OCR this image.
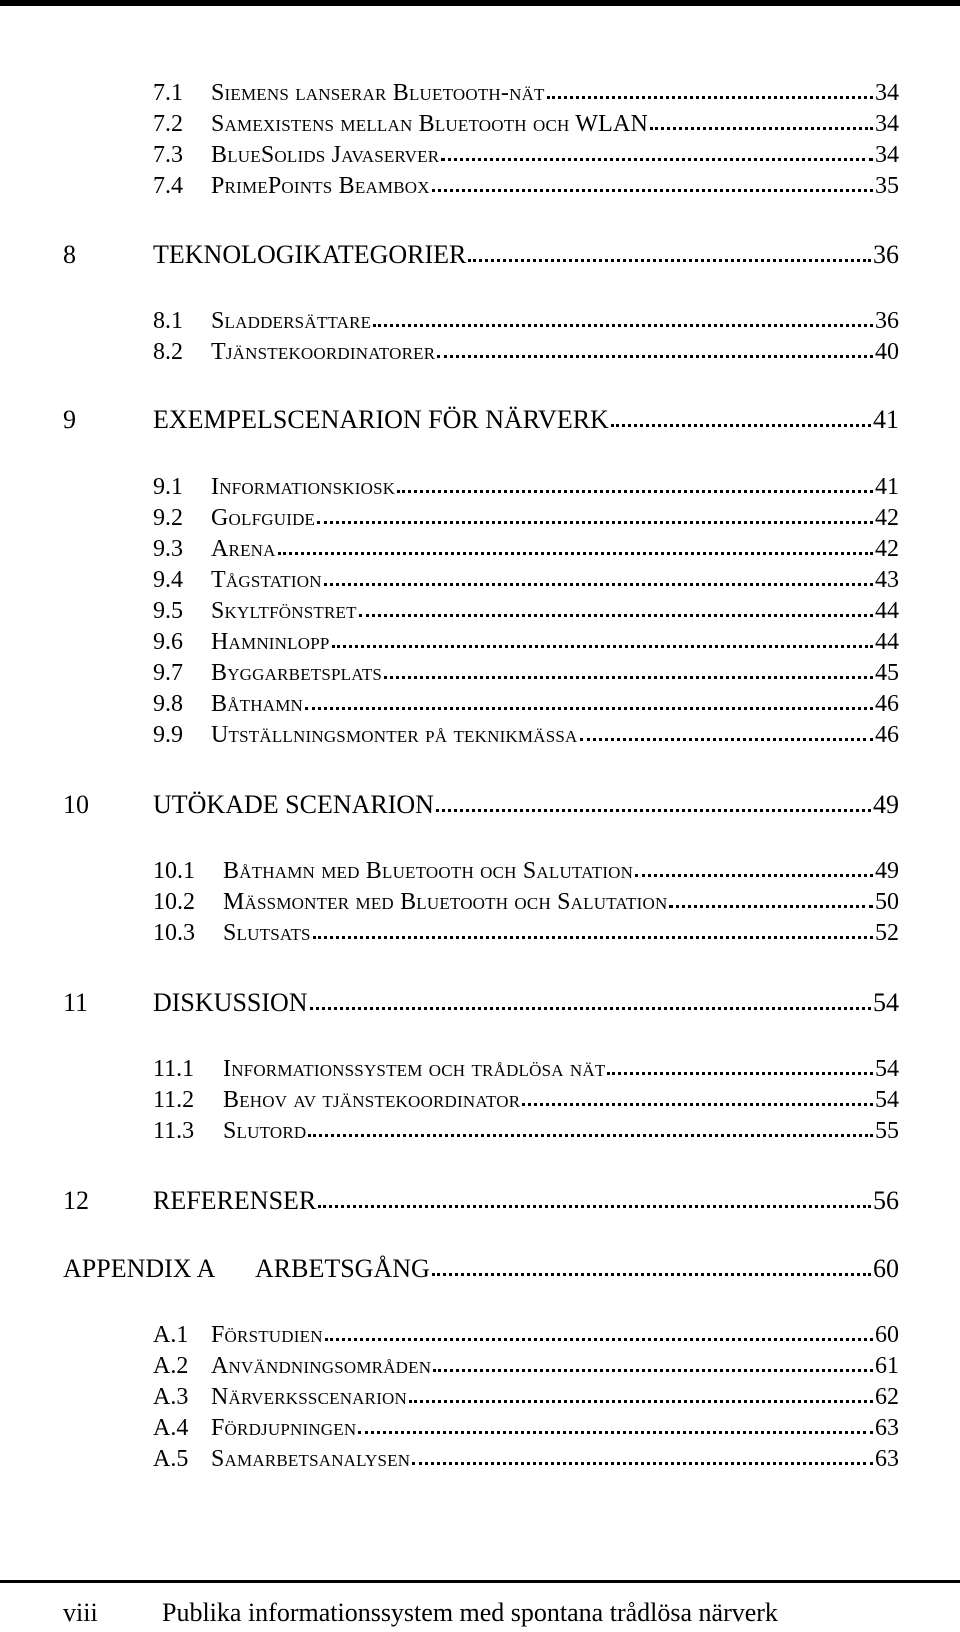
7.1	Siemens lanserar Bluetooth-nät	34
7.2	Samexistens mellan Bluetooth och WLAN	34
7.3	BlueSolids Javaserver	34
7.4	PrimePoints Beambox	35
8	TEKNOLOGIKATEGORIER	36
8.1	Sladdersättare	36
8.2	Tjänstekoordinatorer	40
9	EXEMPELSCENARION FÖR NÄRVERK	41
9.1	Informationskiosk	41
9.2	Golfguide	42
9.3	Arena	42
9.4	Tågstation	43
9.5	Skyltfönstret	44
9.6	Hamninlopp	44
9.7	Byggarbetsplats	45
9.8	Båthamn	46
9.9	Utställningsmonter på teknikmässa	46
10	UTÖKADE SCENARION	49
10.1	Båthamn med Bluetooth och Salutation	49
10.2	Mässmonter med Bluetooth och Salutation	50
10.3	Slutsats	52
11	DISKUSSION	54
11.1	Informationssystem och trådlösa nät	54
11.2	Behov av tjänstekoordinator	54
11.3	Slutord	55
12	REFERENSER	56
APPENDIX A	ARBETSGÅNG	60
A.1 Förstudien	60
A.2 Användningsområden	61
A.3 Närverksscenarion	62
A.4 Fördjupningen	63
A.5 Samarbetsanalysen	63
viii Publika informationssystem med spontana trådlösa närverk
